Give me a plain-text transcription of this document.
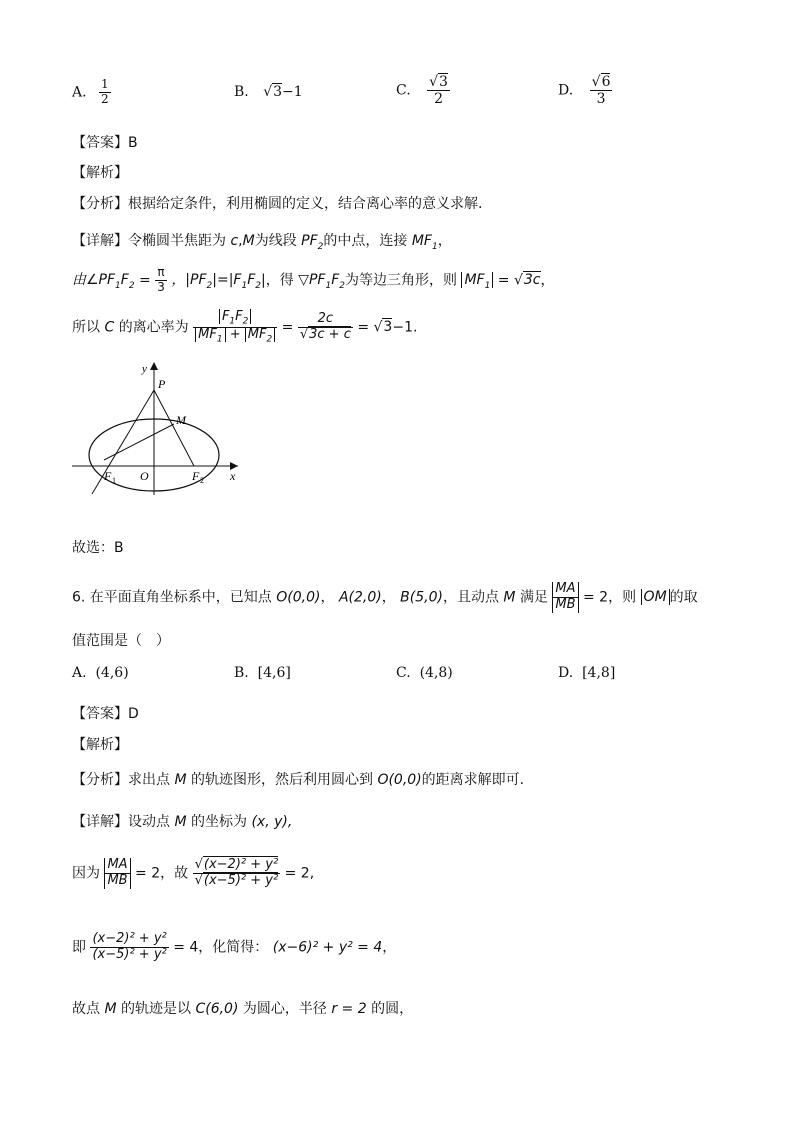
A. $\frac{1}{2}$	B. √3−1	C. $\frac{√3}{2}$	D. $\frac{√6}{3}$
【答案】B
【解析】
【分析】根据给定条件，利用椭圆的定义，结合离心率的意义求解.
【详解】令椭圆半焦距为 c,M为线段 $PF_2$的中点，连接 $MF_1$，
由$\angle PF_1F_2 = \frac{\pi}{3}$ ，$|PF_2|=|F_1F_2|$，得 $▽PF_1F_2$为等边三角形，则 $MF_1 = √3c$，
所以 C 的离心率为 $\frac{F_1F_2}{MF_1 + MF_2} = \frac{2c}{√3c + c} = √3-1$.
y
P
M
F 1 O	F 2 x
故选：B
6. 在平面直角坐标系中，已知点 O(0,0)， A(2,0)， B(5,0)，且动点 M 满足 $\frac{MA}{MB} = 2$，则 OM 的取
值范围是（　）
A. (4,6)	B. [4,6]	C. (4,8)	D. [4,8]
【答案】D
【解析】
【分析】求出点 M 的轨迹图形，然后利用圆心到 O(0,0)的距离求解即可.
【详解】设动点 M 的坐标为 (x, y),
因为 $\frac{MA}{MB} = 2$，故 $\frac{\text{√(x−2)² + y²}}{\text{√(x−5)² + y²}} = 2$,
即 $\frac{\text{(x−2)² + y²}}{\text{(x−5)² + y²}} = 4$，化简得： (x−6)² + y² = 4，
故点 M 的轨迹是以 C(6,0) 为圆心，半径 r = 2 的圆，
